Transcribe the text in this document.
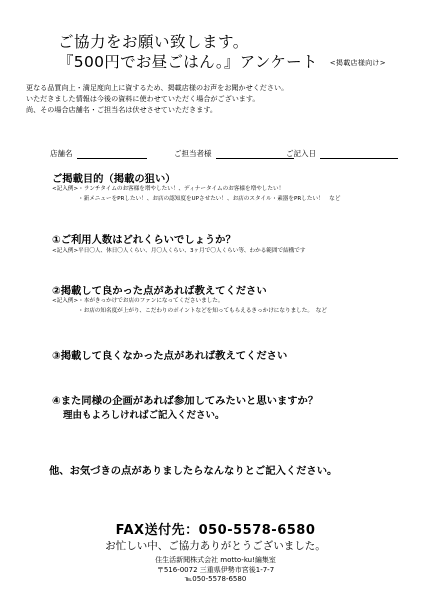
ご協力をお願い致します。
『500円でお昼ごはん。』アンケート <掲載店様向け>
更なる品質向上・満足度向上に資するため、掲載店様のお声をお聞かせください。
いただきました情報は今後の資料に使わせていただく場合がございます。
尚、その場合店舗名・ご担当名は伏せさせていただきます。
店舗名	ご担当者様	ご記入日
ご掲載目的（掲載の狙い）
<記入例>・ランチタイムのお客様を増やしたい！、ディナータイムのお客様を増やしたい！
・新メニューをPRしたい！、お店の認知度をUPさせたい！、お店のスタイル・素器をPRしたい！　など
①ご利用人数はどれくらいでしょうか？
<記入例>平日〇人、休日〇人くらい、月〇人くらい、3ヶ月で〇人くらい等、わかる範囲で結構です
②掲載して良かった点があれば教えてください
<記入例>・本がきっかけでお店のファンになってくださいました。
・お店の知名度が上がり、こだわりのポイントなどを知ってもらえるきっかけになりました。　など
③掲載して良くなかった点があれば教えてください
④また同様の企画があれば参加してみたいと思いますか？
理由もよろしければご記入ください。
他、お気づきの点がありましたらなんなりとご記入ください。
FAX送付先：050-5578-6580
お忙しい中、ご協力ありがとうございました。
住生活新聞株式会社 motto-ku!編集室
〒516-0072 三重県伊勢市宮後1-7-7
℡050-5578-6580
